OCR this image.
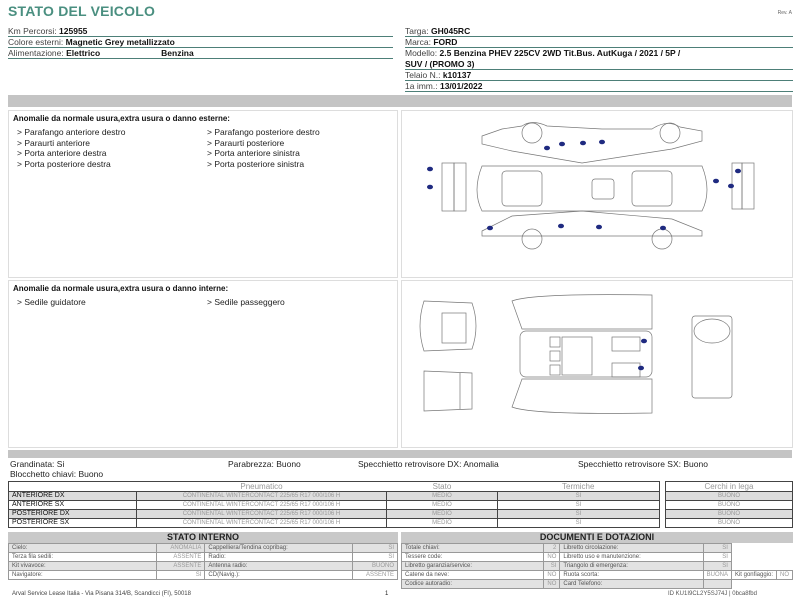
STATO DEL VEICOLO	Rev. A
Km Percorsi: 125955
Colore esterni: Magnetic Grey metallizzato
Alimentazione: Elettrico	Benzina
Targa: GH045RC
Marca: FORD
Modello: 2.5 Benzina PHEV 225CV 2WD Tit.Bus. AutKuga / 2021 / 5P /
SUV / (PROMO 3)
Telaio N.: k10137
1a imm.: 13/01/2022
Anomalie da normale usura,extra usura o danno esterne:
> Parafango anteriore destro
> Paraurti anteriore
> Porta anteriore destra
> Porta posteriore destra
> Parafango posteriore destro
> Paraurti posteriore
> Porta anteriore sinistra
> Porta posteriore sinistra
Anomalie da normale usura,extra usura o danno interne:
> Sedile guidatore	> Sedile passeggero
Grandinata: Si
Blocchetto chiavi: Buono
Parabrezza: Buono	Specchietto retrovisore DX: Anomalia	Specchietto retrovisore SX: Buono
	Pneumatico	Stato	Termiche
ANTERIORE DX	CONTINENTAL WINTERCONTACT 225/65 R17 000/106 H	MEDIO	SI
ANTERIORE SX	CONTINENTAL WINTERCONTACT 225/65 R17 000/106 H	MEDIO	SI
POSTERIORE DX	CONTINENTAL WINTERCONTACT 225/65 R17 000/106 H	MEDIO	SI
POSTERIORE SX	CONTINENTAL WINTERCONTACT 225/65 R17 000/106 H	MEDIO	SI
Cerchi in lega
BUONO
BUONO
BUONO
BUONO
STATO INTERNO
Cielo:	ANOMALIA	Cappelliera/Tendina copribag:	SI
Terza fila sedili:	ASSENTE	Radio:	SI
Kit vivavoce:	ASSENTE	Antenna radio:	BUONO
Navigatore:	SI	CD(Navig.):	ASSENTE
DOCUMENTI E DOTAZIONI
Totale chiavi:	2	Libretto circolazione:	SI		
Tessere code:	NO	Libretto uso e manutenzione:	SI		
Libretto garanzia/service:	SI	Triangolo di emergenza:	SI		
Catene da neve:	NO	Ruota scorta:	BUONA	Kit gonfiaggio:	NO
Codice autoradio:	NO	Card Telefono:			
Arval Service Lease Italia - Via Pisana 314/B, Scandicci (FI), 50018	1	ID KU1I9CL2Y5SJ74J | 0bca8fbd
